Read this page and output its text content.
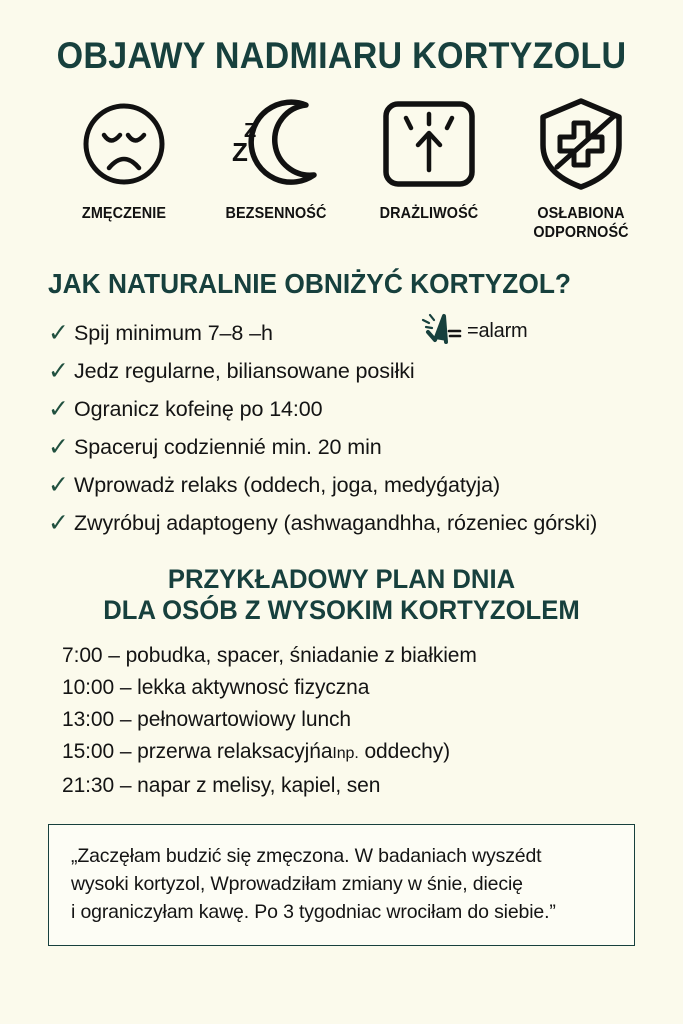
OBJAWY NADMIARU KORTYZOLU
ZMĘCZENIE
Z
Z
BEZSENNOŚĆ	DRAŻLIWOŚĆ	OSŁABIONA
ODPORNOŚĆ
JAK NATURALNIE OBNIŻYĆ KORTYZOL?
✓ Spij minimum 7–8 –h	=alarm
✓ Jedz regularne, biliansowane posiłki
✓ Ogranicz kofeinę po 14:00
✓ Spaceruj codziennié min. 20 min
✓ Wprowadż relaks (oddech, joga, medyǵatyja)
✓ Zwyróbuj adaptogeny (ashwagandhha, rózeniec górski)
PRZYKŁADOWY PLAN DNIA
DLA OSÓB Z WYSOKIM KORTYZOLEM
7:00 – pobudka, spacer, śniadanie z białkiem
10:00 – lekka aktywnosċ fizyczna
13:00 – pełnowartowiowy lunch
15:00 – przerwa relaksacyjńaInp. oddechy)
21:30 – napar z melisy, kapiel, sen
„Zaczęłam budzić się zmęczona. W badaniach wyszédt
wysoki kortyzol, Wprowadziłam zmiany w śnie, diecię
i ograniczyłam kawę. Po 3 tygodniac wrociłam do siebie.”
